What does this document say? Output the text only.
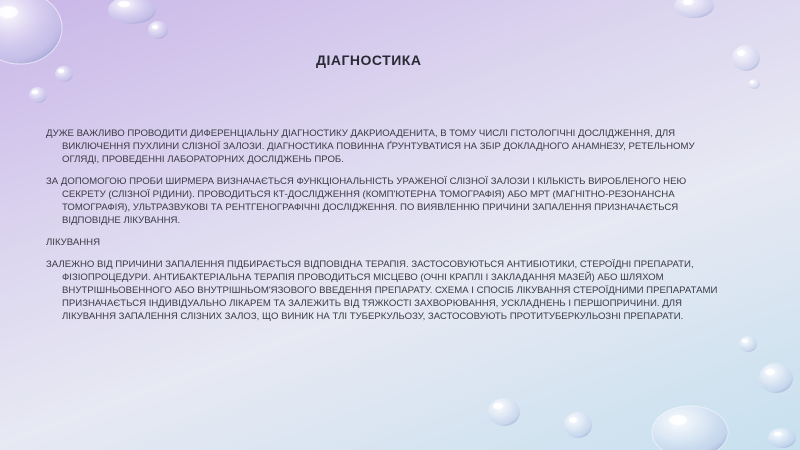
ДІАГНОСТИКА

ДУЖЕ ВАЖЛИВО ПРОВОДИТИ ДИФЕРЕНЦІАЛЬНУ ДІАГНОСТИКУ ДАКРИОАДЕНИТА, В ТОМУ ЧИСЛІ ГІСТОЛОГІЧНІ ДОСЛІДЖЕННЯ, ДЛЯ ВИКЛЮЧЕННЯ ПУХЛИНИ СЛІЗНОЇ ЗАЛОЗИ. ДІАГНОСТИКА ПОВИННА ҐРУНТУВАТИСЯ НА ЗБІР ДОКЛАДНОГО АНАМНЕЗУ, РЕТЕЛЬНОМУ ОГЛЯДІ, ПРОВЕДЕННІ ЛАБОРАТОРНИХ ДОСЛІДЖЕНЬ ПРОБ.

ЗА ДОПОМОГОЮ ПРОБИ ШИРМЕРА ВИЗНАЧАЄТЬСЯ ФУНКЦІОНАЛЬНІСТЬ УРАЖЕНОЇ СЛІЗНОЇ ЗАЛОЗИ І КІЛЬКІСТЬ ВИРОБЛЕНОГО НЕЮ СЕКРЕТУ (СЛІЗНОЇ РІДИНИ). ПРОВОДИТЬСЯ КТ-ДОСЛІДЖЕННЯ (КОМП'ЮТЕРНА ТОМОГРАФІЯ) АБО МРТ (МАГНІТНО-РЕЗОНАНСНА ТОМОГРАФІЯ), УЛЬТРАЗВУКОВІ ТА РЕНТГЕНОГРАФІЧНІ ДОСЛІДЖЕННЯ. ПО ВИЯВЛЕННЮ ПРИЧИНИ ЗАПАЛЕННЯ ПРИЗНАЧАЄТЬСЯ ВІДПОВІДНЕ ЛІКУВАННЯ.

ЛІКУВАННЯ

ЗАЛЕЖНО ВІД ПРИЧИНИ ЗАПАЛЕННЯ ПІДБИРАЄТЬСЯ ВІДПОВІДНА ТЕРАПІЯ. ЗАСТОСОВУЮТЬСЯ АНТИБІОТИКИ, СТЕРОЇДНІ ПРЕПАРАТИ, ФІЗІОПРОЦЕДУРИ. АНТИБАКТЕРІАЛЬНА ТЕРАПІЯ ПРОВОДИТЬСЯ МІСЦЕВО (ОЧНІ КРАПЛІ І ЗАКЛАДАННЯ МАЗЕЙ) АБО ШЛЯХОМ ВНУТРІШНЬОВЕННОГО АБО ВНУТРІШНЬОМ'ЯЗОВОГО ВВЕДЕННЯ ПРЕПАРАТУ. СХЕМА І СПОСІБ ЛІКУВАННЯ СТЕРОЇДНИМИ ПРЕПАРАТАМИ ПРИЗНАЧАЄТЬСЯ ІНДИВІДУАЛЬНО ЛІКАРЕМ ТА ЗАЛЕЖИТЬ ВІД ТЯЖКОСТІ ЗАХВОРЮВАННЯ, УСКЛАДНЕНЬ І ПЕРШОПРИЧИНИ. ДЛЯ ЛІКУВАННЯ ЗАПАЛЕННЯ СЛІЗНИХ ЗАЛОЗ, ЩО ВИНИК НА ТЛІ ТУБЕРКУЛЬОЗУ, ЗАСТОСОВУЮТЬ ПРОТИТУБЕРКУЛЬОЗНІ ПРЕПАРАТИ.
